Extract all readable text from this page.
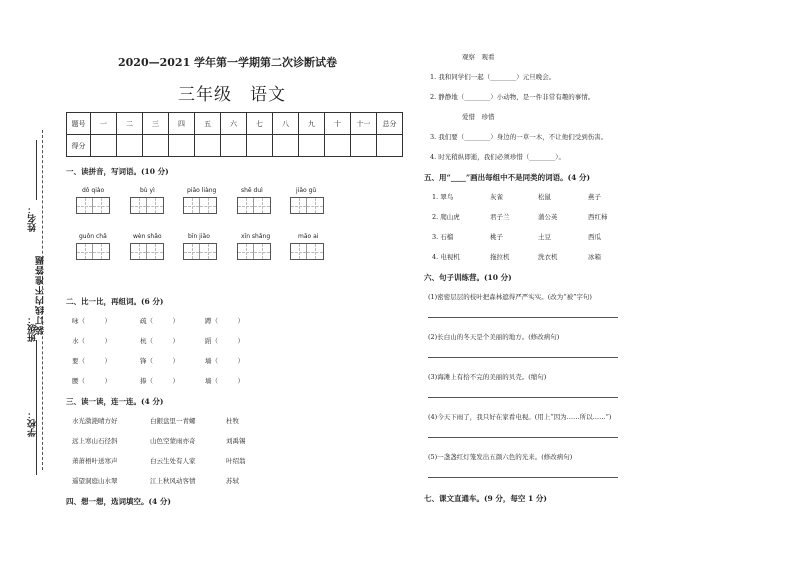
姓名：
班级：
学校：
装订线内不准答题
2020—2021 学年第一学期第二次诊断试卷
三年级　语文
题号	一	二	三	四	五	六	七	八	九	十	十一	总分
得分												
一、读拼音，写词语。(10 分)
dǒ qiào	bù yì	piāo liàng	shē duì	jiǎo gǔ
guǒn chǎ	wèn shǎo	bīn jiǎo	xīn shǎng	māo ai
二、比一比，再组词。(6 分)
咏（　　　）	疏（　　　）	蹲（　　　）
水（　　　）	杭（　　　）	蹈（　　　）
要（　　　）	锋（　　　）	墙（　　　）
腰（　　　）	捧（　　　）	墙（　　　）
三、读一读，连一连。(4 分)
水光潋滟晴方好	白銀盘里一青螺	杜牧
远上寒山石径斜	山色空蒙雨亦奇	刘禹锡
萧萧梧叶送寒声	白云生处有人家	叶绍翁
遥望洞庭山水翠	江上秋风动客情	苏轼
四、想一想，选词填空。(4 分)
观察　观看
1. 我和同学们一起（________）元旦晚会。
2. 静静地（________）小动物，是一件非常有趣的事情。
爱惜　珍惜
3. 我们要（________）身边的一草一木，不让他们受到伤害。
4. 时光稍纵即逝，我们必须珍惜（________）。
五、用“____”画出每组中不是同类的词语。(4 分)
1. 翠鸟	灰雀	松鼠	燕子
2. 爬山虎	君子兰	蒲公英	西红柿
3. 石榴	桃子	土豆	西瓜
4. 电视机	拖拉机	洗衣机	冰箱
六、句子训练营。(10 分)
(1)密密层层的枝叶把森林遮得严严实实。(改为“被”字句)
(2)长白山的冬天是个美丽的地方。(修改病句)
(3)海滩上有拾不完的美丽的贝壳。(缩句)
(4)今天下雨了，我只好在家看电视。(用上“因为……所以……”)
(5)一盏盏红灯笼发出五颜六色的光来。(修改病句)
七、课文直通车。(9 分，每空 1 分)
